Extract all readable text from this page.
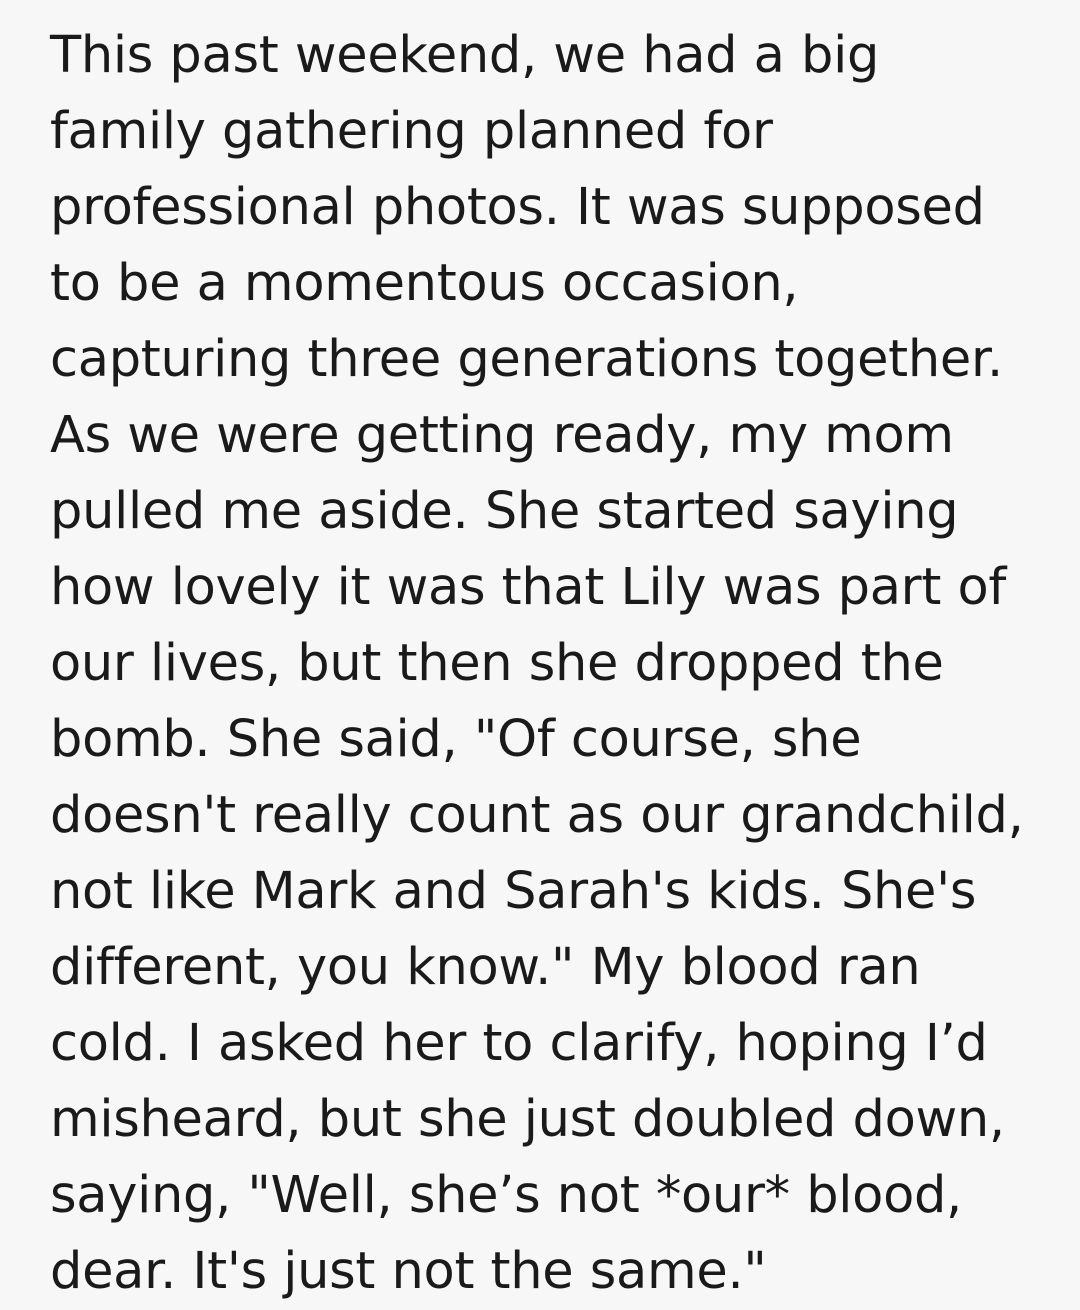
This past weekend, we had a big family gathering planned for professional photos. It was supposed to be a momentous occasion, capturing three generations together. As we were getting ready, my mom pulled me aside. She started saying how lovely it was that Lily was part of our lives, but then she dropped the bomb. She said, "Of course, she doesn't really count as our grandchild, not like Mark and Sarah's kids. She's different, you know." My blood ran cold. I asked her to clarify, hoping I’d misheard, but she just doubled down, saying, "Well, she’s not *our* blood, dear. It's just not the same."
